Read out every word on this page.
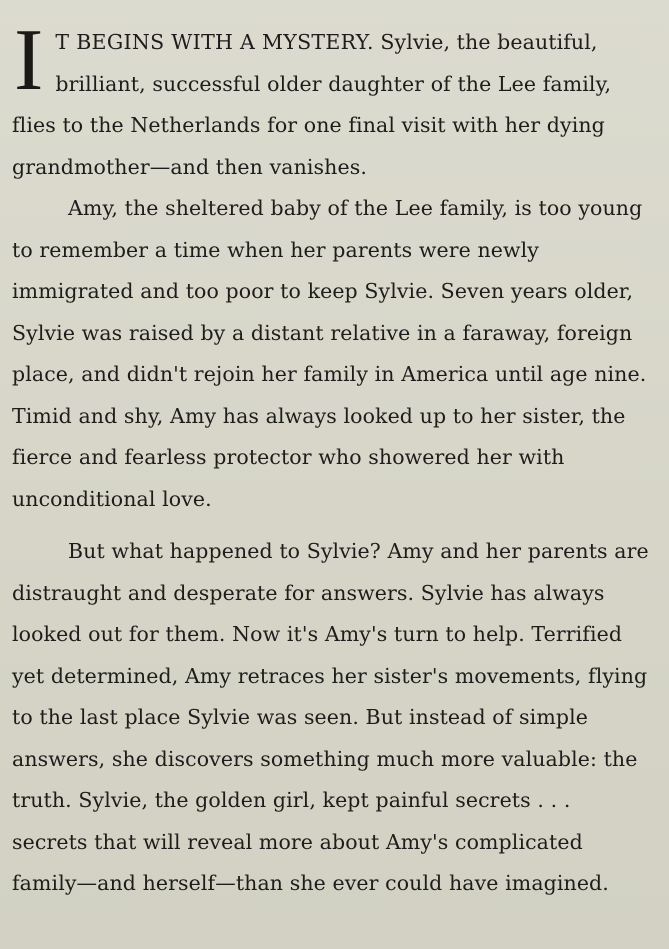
I T BEGINS WITH A MYSTERY. Sylvie, the beautiful, brilliant, successful older daughter of the Lee family, flies to the Netherlands for one final visit with her dying grandmother—and then vanishes.

Amy, the sheltered baby of the Lee family, is too young to remember a time when her parents were newly immigrated and too poor to keep Sylvie. Seven years older, Sylvie was raised by a distant relative in a faraway, foreign place, and didn't rejoin her family in America until age nine. Timid and shy, Amy has always looked up to her sister, the fierce and fearless protector who showered her with unconditional love.

But what happened to Sylvie? Amy and her parents are distraught and desperate for answers. Sylvie has always looked out for them. Now it's Amy's turn to help. Terrified yet determined, Amy retraces her sister's movements, flying to the last place Sylvie was seen. But instead of simple answers, she discovers something much more valuable: the truth. Sylvie, the golden girl, kept painful secrets . . . secrets that will reveal more about Amy's complicated family—and herself—than she ever could have imagined.
